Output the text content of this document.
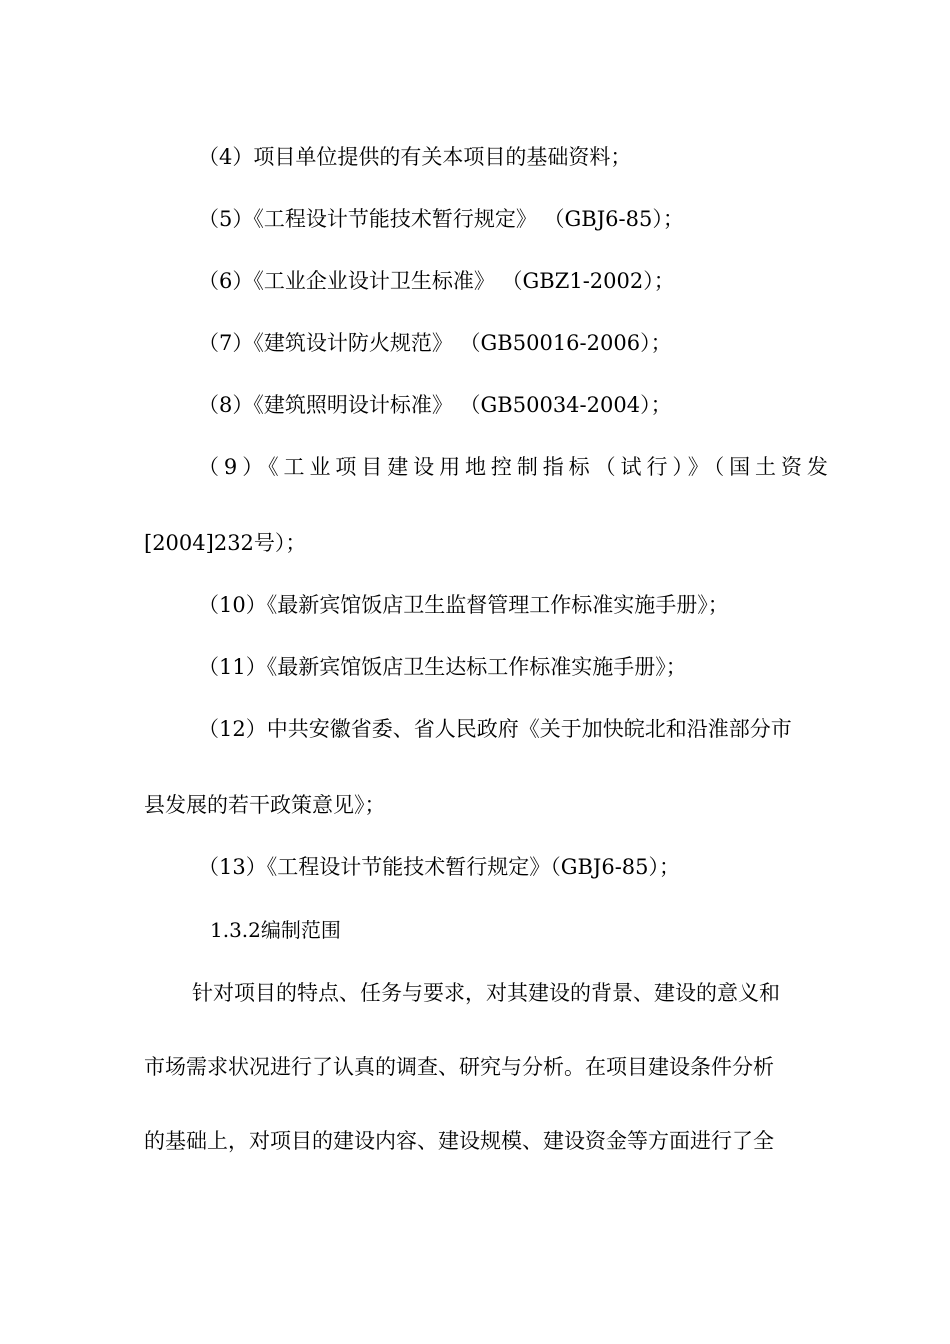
（4）项目单位提供的有关本项目的基础资料；
（5）《工程设计节能技术暂行规定》 （GBJ6-85）；
（6）《工业企业设计卫生标准》 （GBZ1-2002）；
（7）《建筑设计防火规范》 （GB50016-2006）；
（8）《建筑照明设计标准》 （GB50034-2004）；
（9）《工业项目建设用地控制指标（试行）》（国土资发
[2004]232号）；
（10）《最新宾馆饭店卫生监督管理工作标准实施手册》；
（11）《最新宾馆饭店卫生达标工作标准实施手册》；
（12）中共安徽省委、省人民政府《关于加快皖北和沿淮部分市
县发展的若干政策意见》；
（13）《工程设计节能技术暂行规定》（GBJ6-85）；
1.3.2编制范围
针对项目的特点、任务与要求，对其建设的背景、建设的意义和
市场需求状况进行了认真的调查、研究与分析。在项目建设条件分析
的基础上，对项目的建设内容、建设规模、建设资金等方面进行了全
